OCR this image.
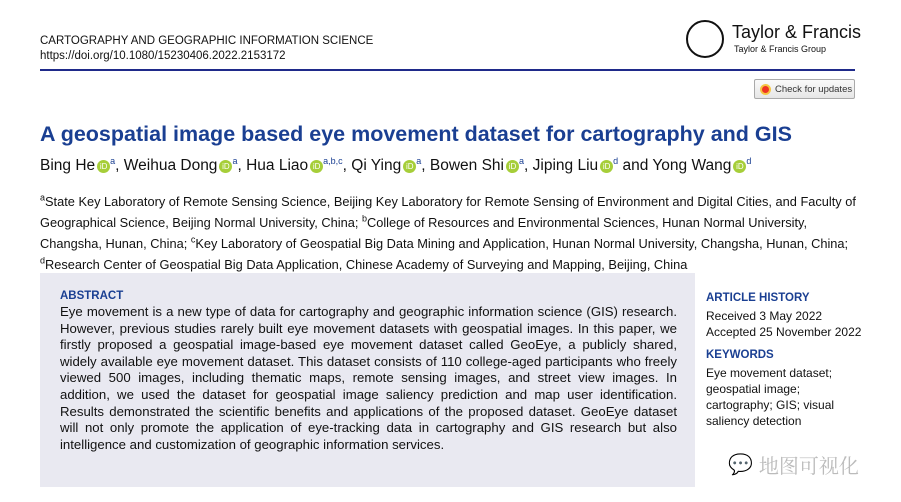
CARTOGRAPHY AND GEOGRAPHIC INFORMATION SCIENCE
https://doi.org/10.1080/15230406.2022.2153172
Taylor & Francis
Taylor & Francis Group
Check for updates
A geospatial image based eye movement dataset for cartography and GIS
Bing He $iD^a$, Weihua Dong $iD^a$, Hua Liao iD$^{a,b,c}$, Qi Ying $iD^a$, Bowen Shi $iD^a$, Jiping Liu $iD^d$ and Yong Wang $iD^d$
$^a$State Key Laboratory of Remote Sensing Science, Beijing Key Laboratory for Remote Sensing of Environment and Digital Cities, and Faculty of Geographical Science, Beijing Normal University, China; $^b$College of Resources and Environmental Sciences, Hunan Normal University, Changsha, Hunan, China; $^c$Key Laboratory of Geospatial Big Data Mining and Application, Hunan Normal University, Changsha, Hunan, China; $^d$Research Center of Geospatial Big Data Application, Chinese Academy of Surveying and Mapping, Beijing, China
ABSTRACT
Eye movement is a new type of data for cartography and geographic information science (GIS) research. However, previous studies rarely built eye movement datasets with geospatial images. In this paper, we firstly proposed a geospatial image-based eye movement dataset called GeoEye, a publicly shared, widely available eye movement dataset. This dataset consists of 110 college-aged participants who freely viewed 500 images, including thematic maps, remote sensing images, and street view images. In addition, we used the dataset for geospatial image saliency prediction and map user identification. Results demonstrated the scientific benefits and applications of the proposed dataset. GeoEye dataset will not only promote the application of eye-tracking data in cartography and GIS research but also intelligence and customization of geographic information services.
ARTICLE HISTORY
Received 3 May 2022
Accepted 25 November 2022
KEYWORDS
Eye movement dataset; geospatial image; cartography; GIS; visual saliency detection
💬 地图可视化
